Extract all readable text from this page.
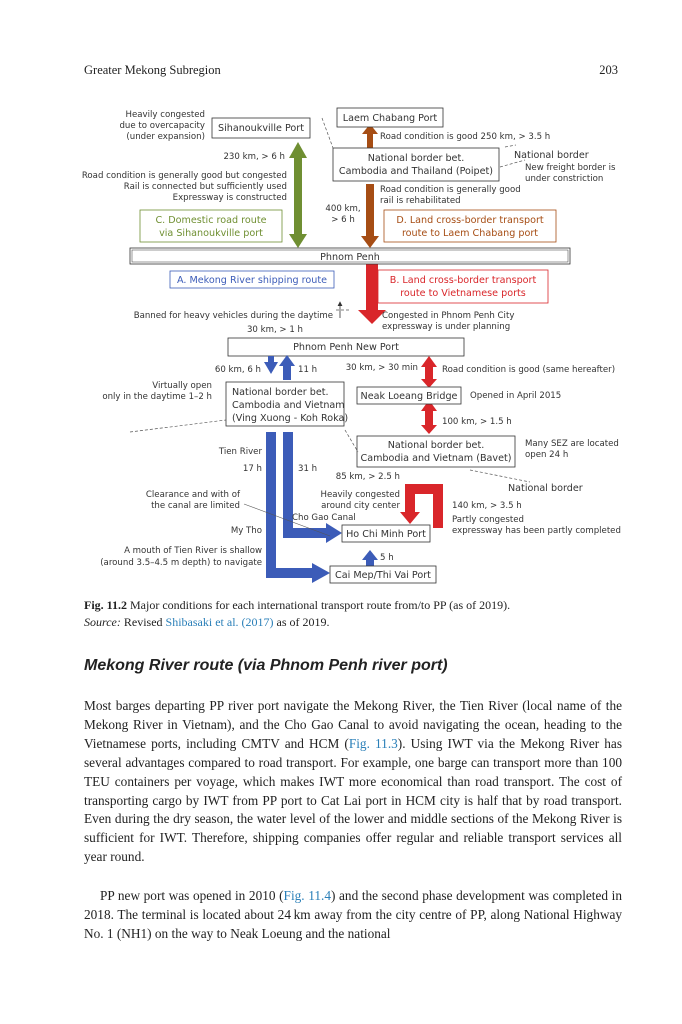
Greater Mekong Subregion	203
Laem Chabang Port
Sihanoukville Port
National border bet.
Cambodia and Thailand (Poipet)
C. Domestic road route
via Sihanoukville port
D. Land cross-border transport
route to Laem Chabang port
Phnom Penh
A. Mekong River shipping route	B. Land cross-border transport
route to Vietnamese ports
Phnom Penh New Port
National border bet.
Cambodia and Vietnam
(Ving Xuong - Koh Roka)
Neak Loeang Bridge
National border bet.
Cambodia and Vietnam (Bavet)
Ho Chi Minh Port
Cai Mep/Thi Vai Port
Heavily congested
due to overcapacity
(under expansion)	Road condition is good 250 km, > 3.5 h
National border
New freight border is
under constriction
230 km, > 6 h
Road condition is generally good but congested
Rail is connected but sufficiently used
Expressway is constructed
Road condition is generally good
rail is rehabilitated
400 km,
> 6 h
Banned for heavy vehicles during the daytime
30 km, > 1 h
Congested in Phnom Penh City
expressway is under planning
60 km, 6 h	11 h	30 km, > 30 min	Road condition is good (same hereafter)
Virtually open
only in the daytime 1–2 h	Opened in April 2015
100 km, > 1.5 h
Many SEZ are located
open 24 h
Tien River
17 h	31 h
85 km, > 2.5 h
National border
Clearance and with of
the canal are limited
Heavily congested
around city center	140 km, > 3.5 h
Cho Gao Canal	Partly congested
expressway has been partly completed
My Tho
A mouth of Tien River is shallow
(around 3.5–4.5 m depth) to navigate	5 h
Fig. 11.2 Major conditions for each international transport route from/to PP (as of 2019).
Source: Revised Shibasaki et al. (2017) as of 2019.
Mekong River route (via Phnom Penh river port)

Most barges departing PP river port navigate the Mekong River, the Tien River (local name of the Mekong River in Vietnam), and the Cho Gao Canal to avoid navigating the ocean, heading to the Vietnamese ports, including CMTV and HCM (Fig. 11.3). Using IWT via the Mekong River has several advantages compared to road transport. For example, one barge can transport more than 100 TEU containers per voyage, which makes IWT more economical than road transport. The cost of transporting cargo by IWT from PP port to Cat Lai port in HCM city is half that by road transport. Even during the dry season, the water level of the lower and middle sections of the Mekong River is sufficient for IWT. Therefore, shipping companies offer regular and reliable transport services all year round.

PP new port was opened in 2010 (Fig. 11.4) and the second phase development was completed in 2018. The terminal is located about 24 km away from the city centre of PP, along National Highway No. 1 (NH1) on the way to Neak Loeung and the national
